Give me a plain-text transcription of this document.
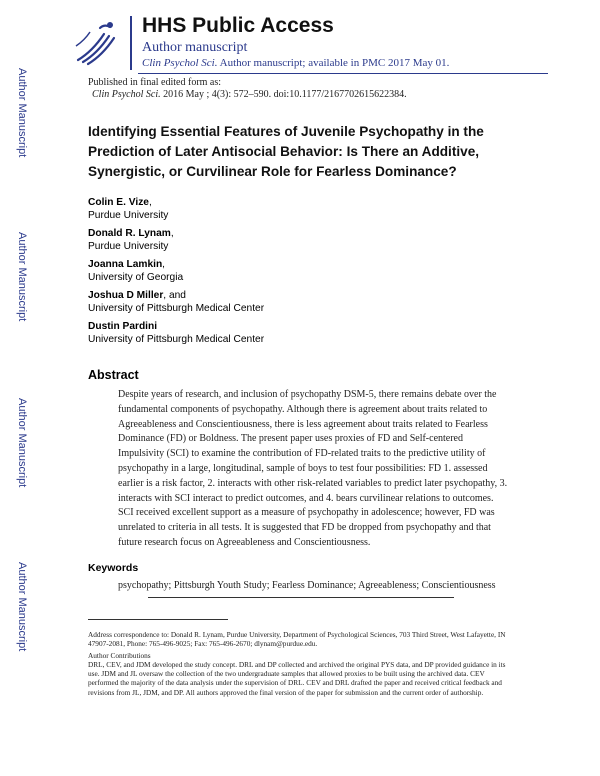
Author Manuscript
Author Manuscript
Author Manuscript
Author Manuscript
HHS Public Access
Author manuscript
Clin Psychol Sci. Author manuscript; available in PMC 2017 May 01.
Published in final edited form as:
Clin Psychol Sci. 2016 May ; 4(3): 572–590. doi:10.1177/2167702615622384.
Identifying Essential Features of Juvenile Psychopathy in the Prediction of Later Antisocial Behavior: Is There an Additive, Synergistic, or Curvilinear Role for Fearless Dominance?
Colin E. Vize,
Purdue University
Donald R. Lynam,
Purdue University
Joanna Lamkin,
University of Georgia
Joshua D Miller, and
University of Pittsburgh Medical Center
Dustin Pardini
University of Pittsburgh Medical Center
Abstract
Despite years of research, and inclusion of psychopathy DSM-5, there remains debate over the fundamental components of psychopathy. Although there is agreement about traits related to Agreeableness and Conscientiousness, there is less agreement about traits related to Fearless Dominance (FD) or Boldness. The present paper uses proxies of FD and Self-centered Impulsivity (SCI) to examine the contribution of FD-related traits to the predictive utility of psychopathy in a large, longitudinal, sample of boys to test four possibilities: FD 1. assessed earlier is a risk factor, 2. interacts with other risk-related variables to predict later psychopathy, 3. interacts with SCI interact to predict outcomes, and 4. bears curvilinear relations to outcomes. SCI received excellent support as a measure of psychopathy in adolescence; however, FD was unrelated to criteria in all tests. It is suggested that FD be dropped from psychopathy and that future research focus on Agreeableness and Conscientiousness.
Keywords
psychopathy; Pittsburgh Youth Study; Fearless Dominance; Agreeableness; Conscientiousness
Address correspondence to: Donald R. Lynam, Purdue University, Department of Psychological Sciences, 703 Third Street, West Lafayette, IN 47907-2081, Phone: 765-496-9025; Fax: 765-496-2670; dlynam@purdue.edu.
Author Contributions
DRL, CEV, and JDM developed the study concept. DRL and DP collected and archived the original PYS data, and DP provided guidance in its use. JDM and JL oversaw the collection of the two undergraduate samples that allowed proxies to be built using the archived data. CEV performed the majority of the data analysis under the supervision of DRL. CEV and DRL drafted the paper and received critical feedback and revisions from JL, JDM, and DP. All authors approved the final version of the paper for submission and the current order of authorship.
